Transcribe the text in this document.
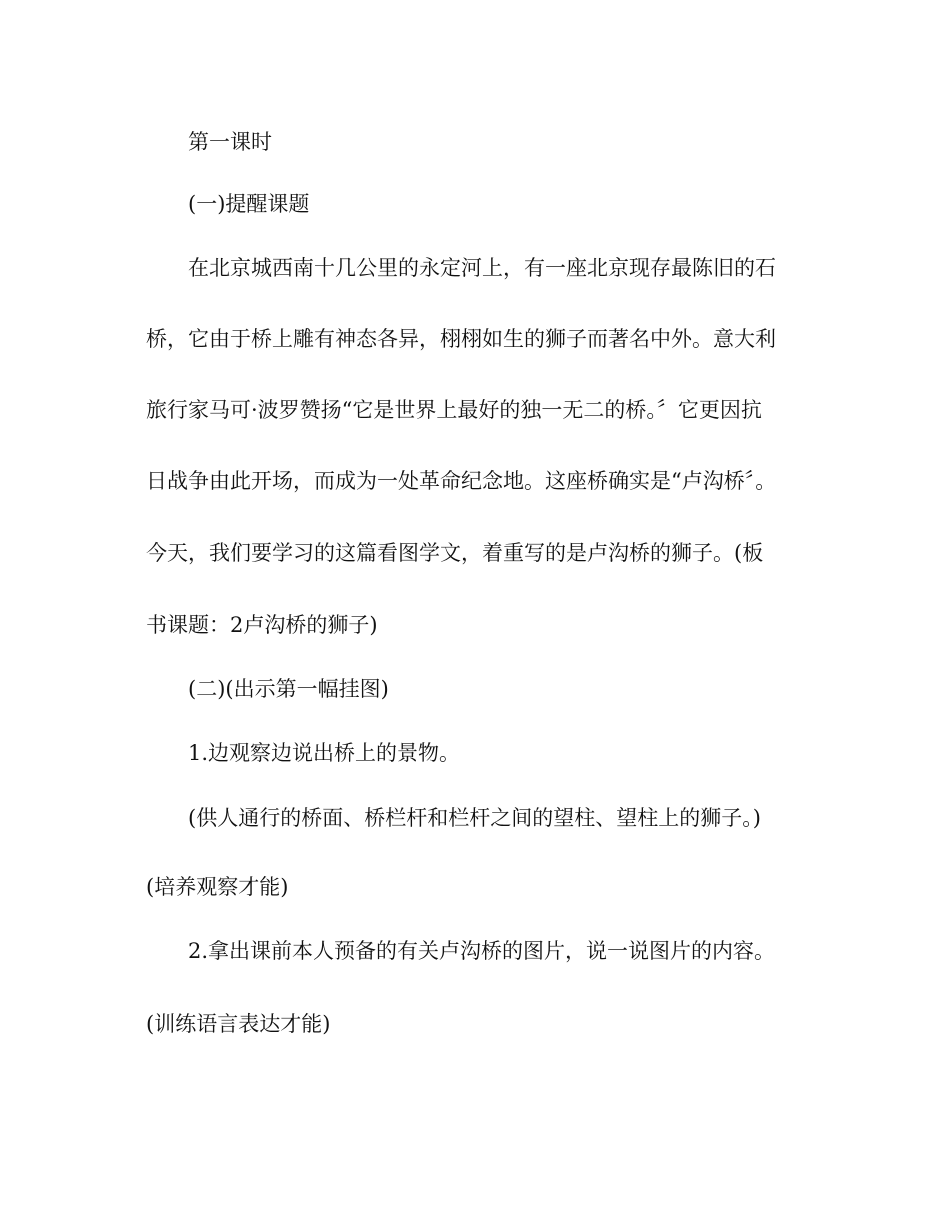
第一课时
(一)提醒课题
在北京城西南十几公里的永定河上，有一座北京现存最陈旧的石
桥，它由于桥上雕有神态各异，栩栩如生的狮子而著名中外。意大利
旅行家马可·波罗赞扬“它是世界上最好的独一无二的桥。〞它更因抗
日战争由此开场，而成为一处革命纪念地。这座桥确实是“卢沟桥〞。
今天，我们要学习的这篇看图学文，着重写的是卢沟桥的狮子。(板
书课题：2卢沟桥的狮子)
(二)(出示第一幅挂图)
1.边观察边说出桥上的景物。
(供人通行的桥面、桥栏杆和栏杆之间的望柱、望柱上的狮子。)
(培养观察才能)
2.拿出课前本人预备的有关卢沟桥的图片，说一说图片的内容。
(训练语言表达才能)
